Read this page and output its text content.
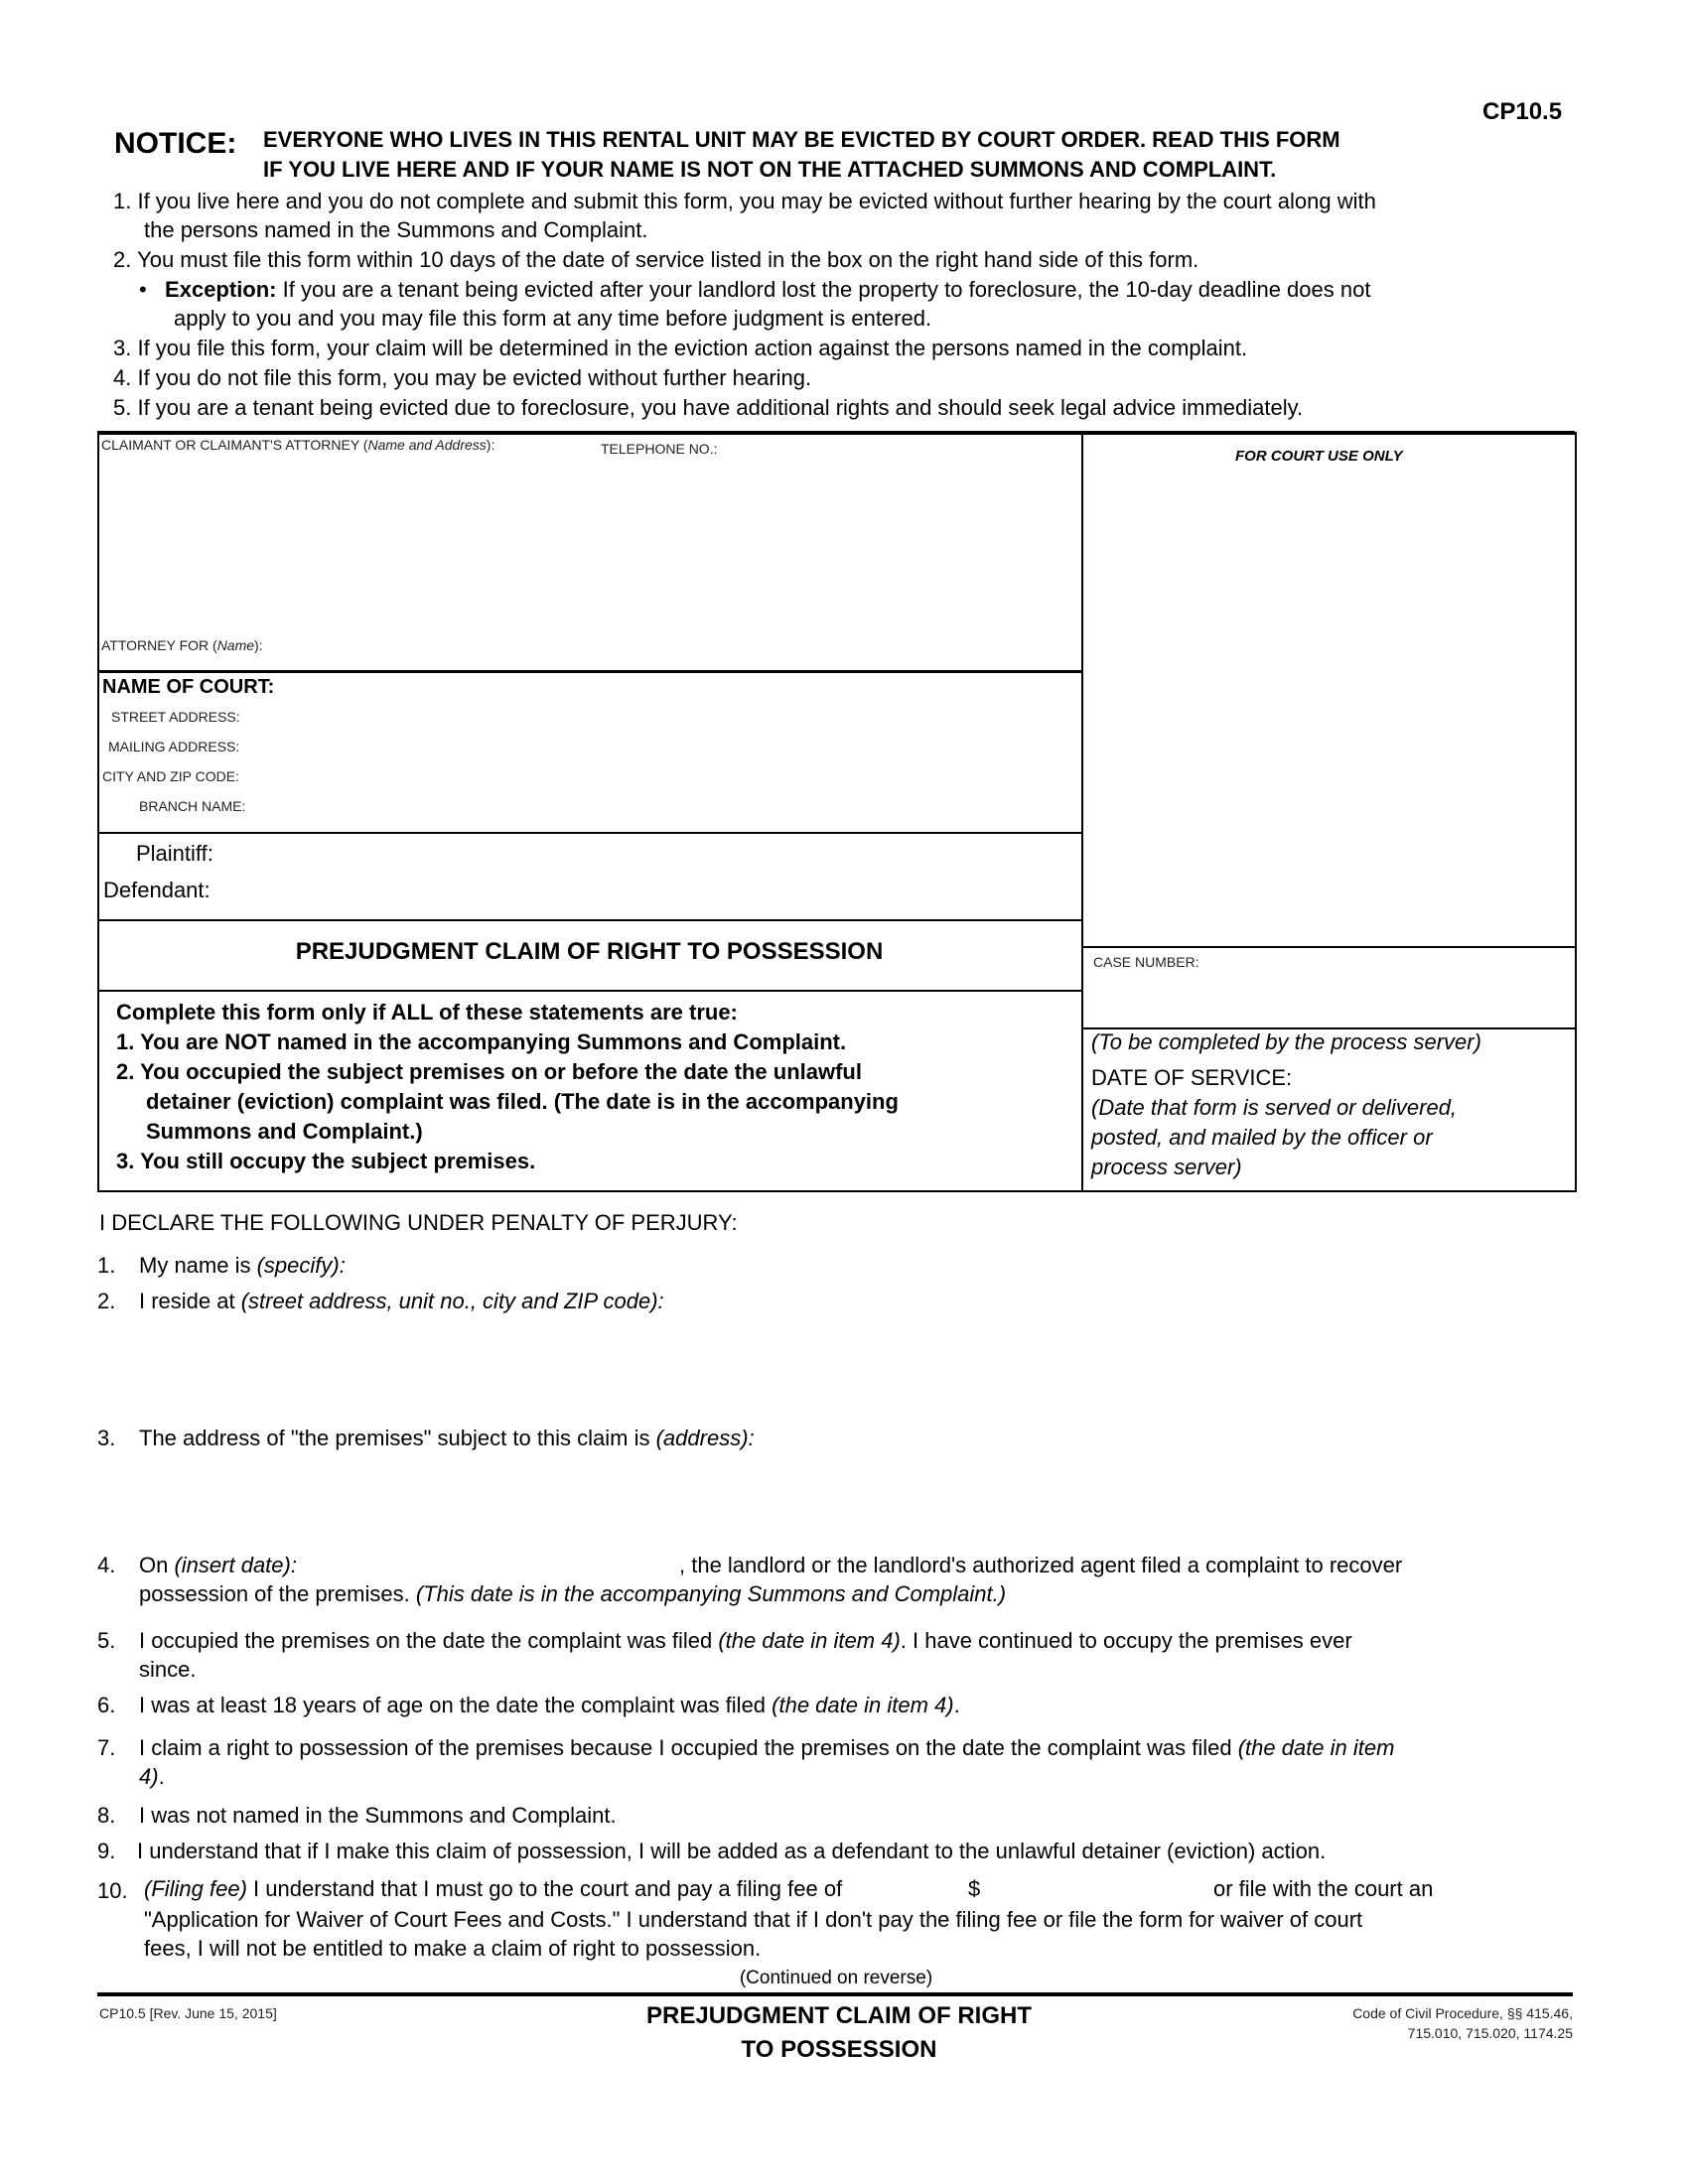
CP10.5
NOTICE: EVERYONE WHO LIVES IN THIS RENTAL UNIT MAY BE EVICTED BY COURT ORDER. READ THIS FORM
IF YOU LIVE HERE AND IF YOUR NAME IS NOT ON THE ATTACHED SUMMONS AND COMPLAINT.
1. If you live here and you do not complete and submit this form, you may be evicted without further hearing by the court along with
the persons named in the Summons and Complaint.
2. You must file this form within 10 days of the date of service listed in the box on the right hand side of this form.
•   Exception: If you are a tenant being evicted after your landlord lost the property to foreclosure, the 10-day deadline does not
apply to you and you may file this form at any time before judgment is entered.
3. If you file this form, your claim will be determined in the eviction action against the persons named in the complaint.
4. If you do not file this form, you may be evicted without further hearing.
5. If you are a tenant being evicted due to foreclosure, you have additional rights and should seek legal advice immediately.
CLAIMANT OR CLAIMANT'S ATTORNEY (Name and Address):	TELEPHONE NO.:
ATTORNEY FOR (Name):
FOR COURT USE ONLY
NAME OF COURT:
STREET ADDRESS:
MAILING ADDRESS:
CITY AND ZIP CODE:
BRANCH NAME:
Plaintiff:
Defendant:
PREJUDGMENT CLAIM OF RIGHT TO POSSESSION	CASE NUMBER:
Complete this form only if ALL of these statements are true:
1. You are NOT named in the accompanying Summons and Complaint.
2. You occupied the subject premises on or before the date the unlawful
detainer (eviction) complaint was filed. (The date is in the accompanying
Summons and Complaint.)
3. You still occupy the subject premises.
(To be completed by the process server)
DATE OF SERVICE:
(Date that form is served or delivered,
posted, and mailed by the officer or
process server)
I DECLARE THE FOLLOWING UNDER PENALTY OF PERJURY:
1. My name is (specify):
2. I reside at (street address, unit no., city and ZIP code):
3. The address of "the premises" subject to this claim is (address):
4. On (insert date):	, the landlord or the landlord's authorized agent filed a complaint to recover
possession of the premises. (This date is in the accompanying Summons and Complaint.)
5. I occupied the premises on the date the complaint was filed (the date in item 4). I have continued to occupy the premises ever
since.
6. I was at least 18 years of age on the date the complaint was filed (the date in item 4).
7. I claim a right to possession of the premises because I occupied the premises on the date the complaint was filed (the date in item
4).
8. I was not named in the Summons and Complaint.
9. I understand that if I make this claim of possession, I will be added as a defendant to the unlawful detainer (eviction) action.
10. (Filing fee) I understand that I must go to the court and pay a filing fee of	$	or file with the court an
"Application for Waiver of Court Fees and Costs." I understand that if I don't pay the filing fee or file the form for waiver of court
fees, I will not be entitled to make a claim of right to possession.
(Continued on reverse)
CP10.5 [Rev. June 15, 2015]	PREJUDGMENT CLAIM OF RIGHT
TO POSSESSION
Code of Civil Procedure, §§ 415.46,
715.010, 715.020, 1174.25
